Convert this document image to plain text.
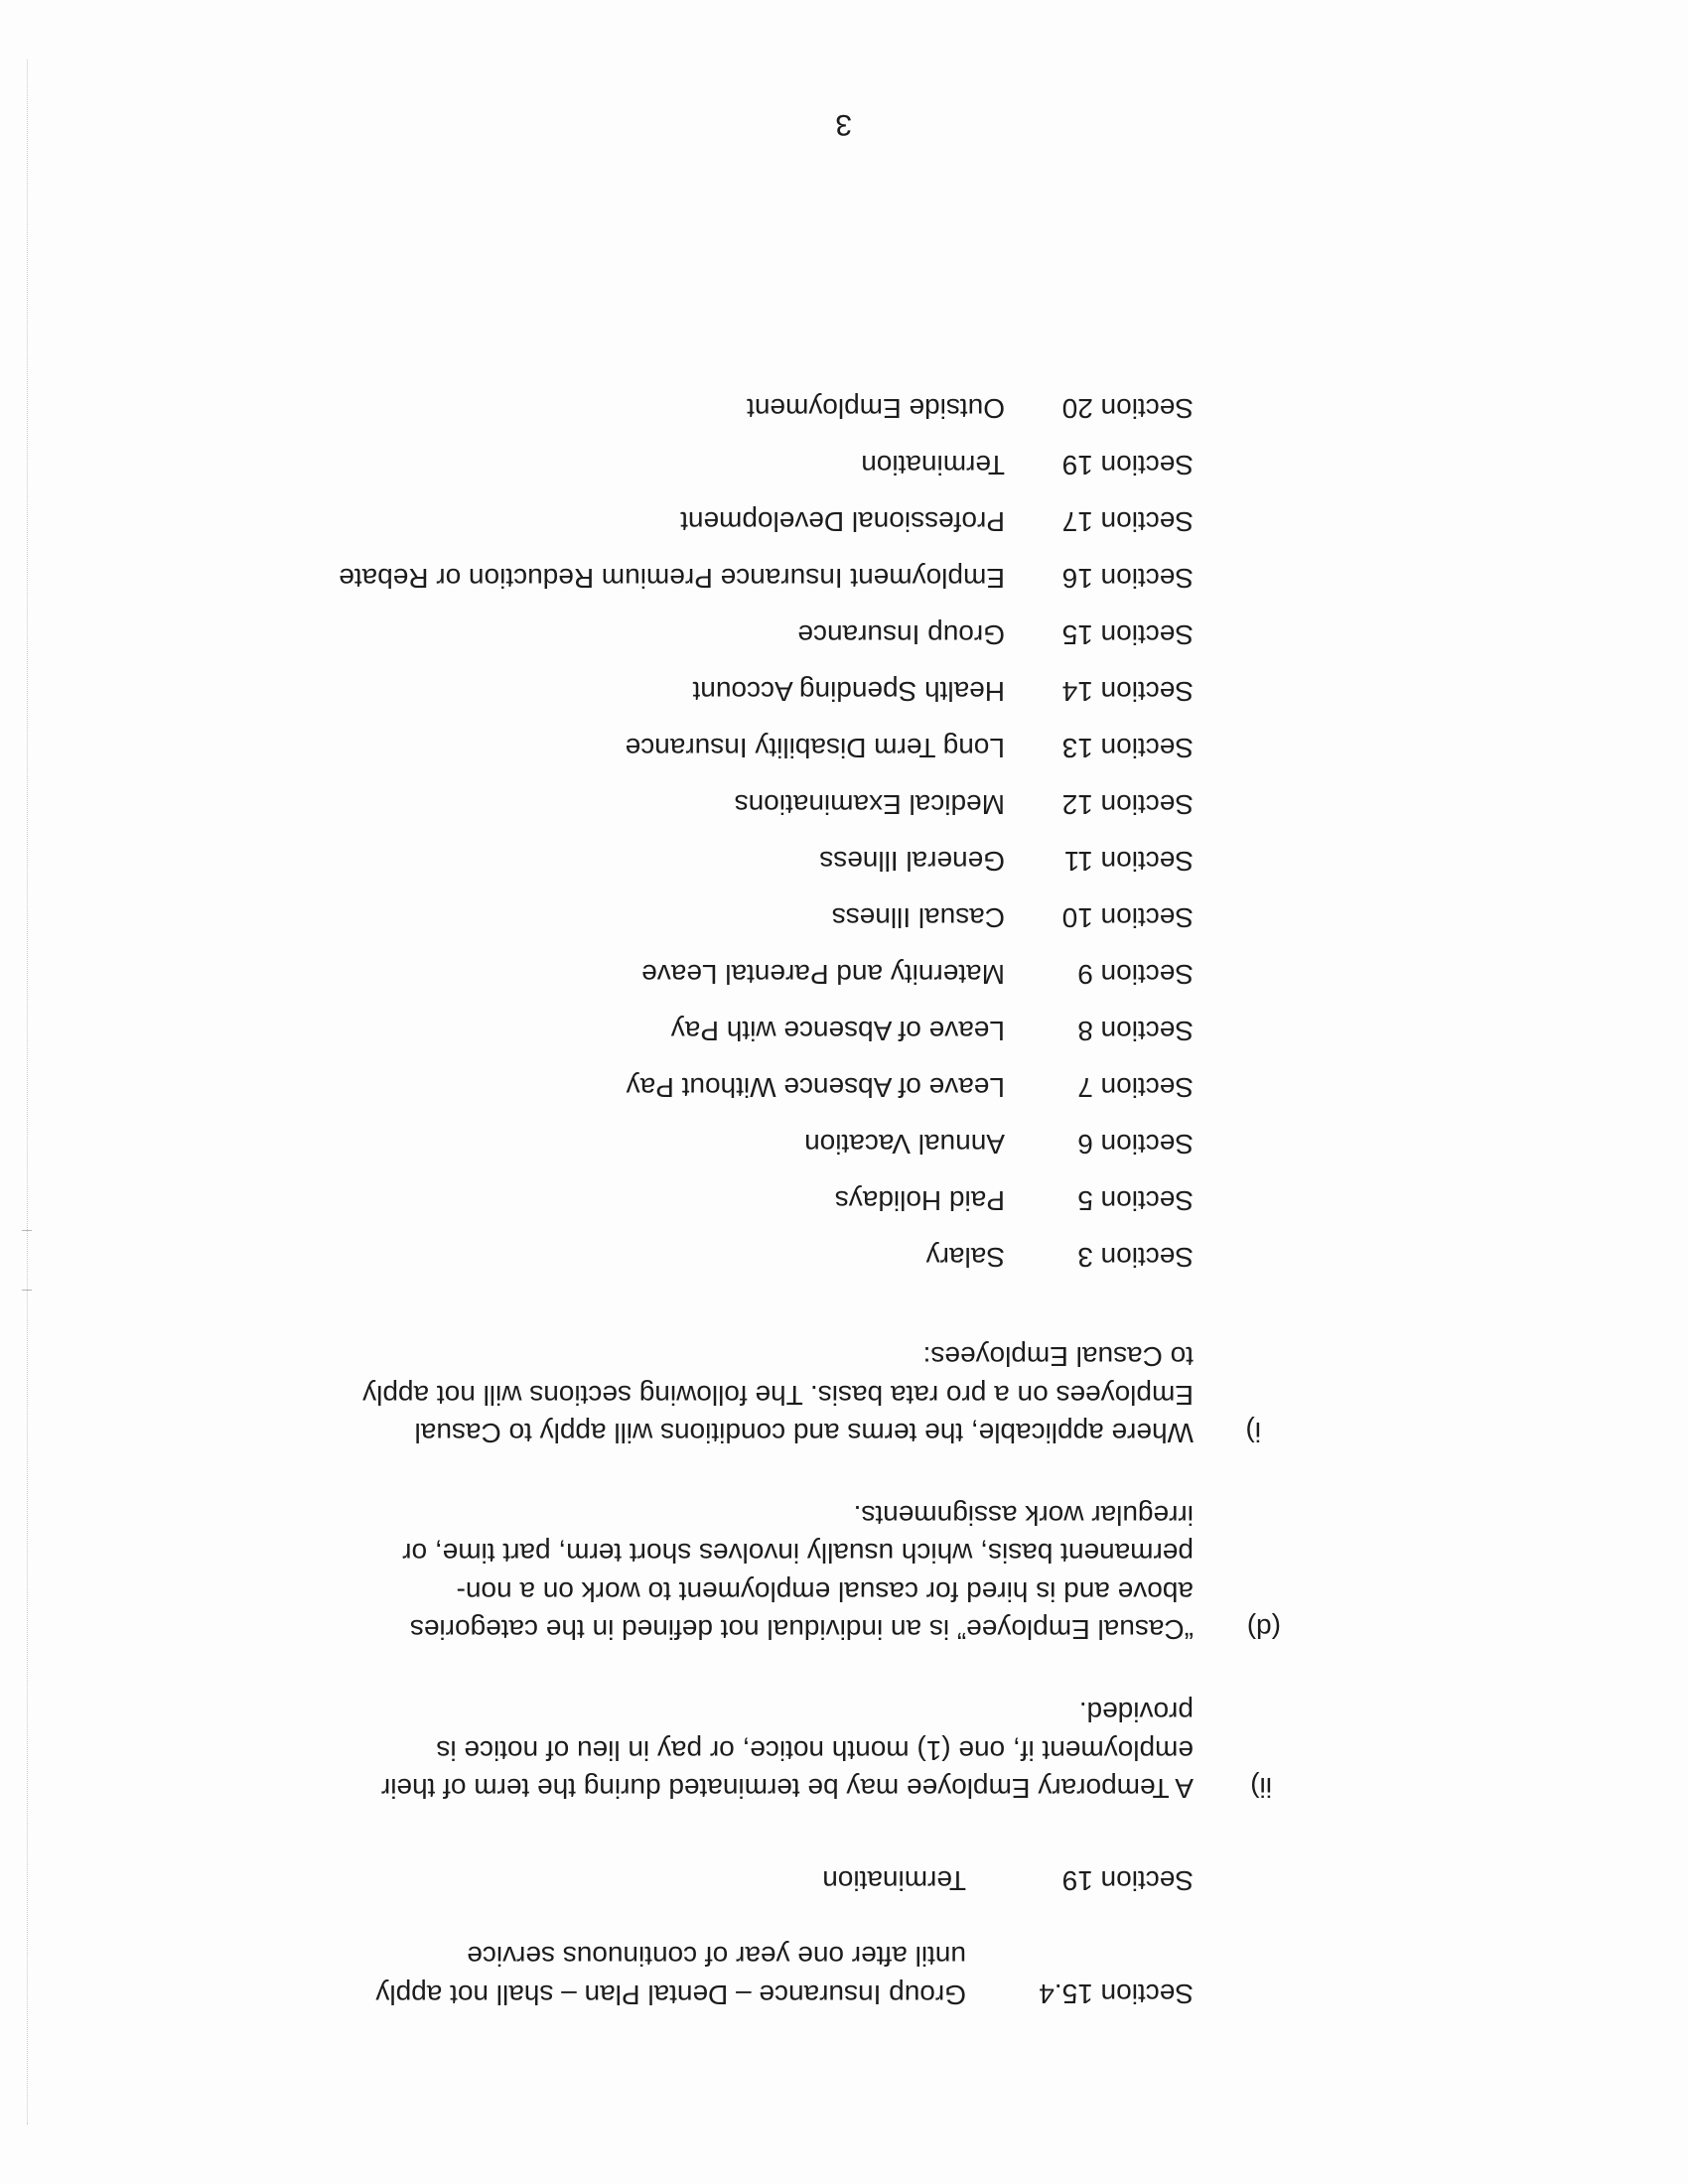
3
Section 15.4
Group Insurance – Dental Plan – shall not apply
until after one year of continuous service
Section 19
Termination
ii)
A Temporary Employee may be terminated during the term of their
employment if, one (1) month notice, or pay in lieu of notice is
provided.
(d)
“Casual Employee” is an individual not defined in the categories
above and is hired for casual employment to work on a non-
permanent basis, which usually involves short term, part time, or
irregular work assignments.
i)
Where applicable, the terms and conditions will apply to Casual
Employees on a pro rata basis. The following sections will not apply
to Casual Employees:
Section 3
Salary
Section 5
Paid Holidays
Section 6
Annual Vacation
Section 7
Leave of Absence Without Pay
Section 8
Leave of Absence with Pay
Section 9
Maternity and Parental Leave
Section 10
Casual Illness
Section 11
General Illness
Section 12
Medical Examinations
Section 13
Long Term Disability Insurance
Section 14
Health Spending Account
Section 15
Group Insurance
Section 16
Employment Insurance Premium Reduction or Rebate
Section 17
Professional Development
Section 19
Termination
Section 20
Outside Employment
